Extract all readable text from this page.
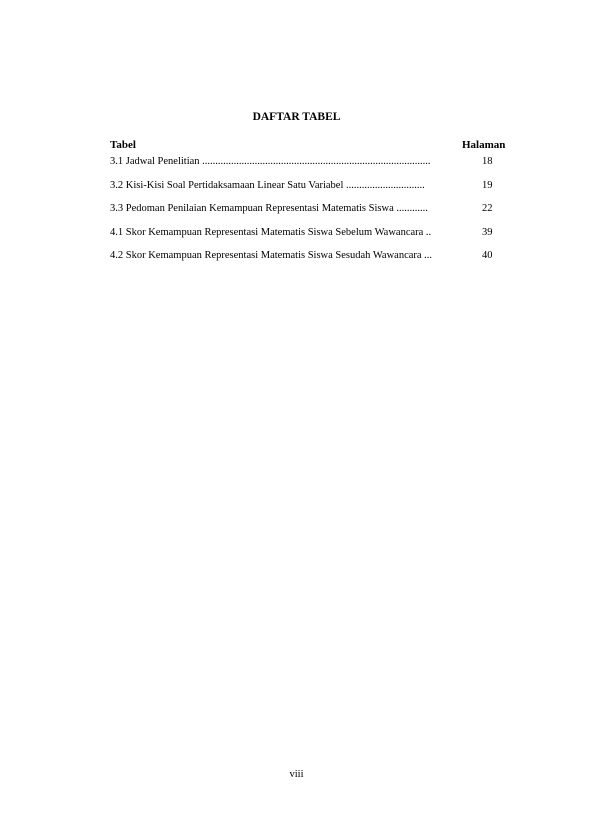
DAFTAR TABEL
Tabel	Halaman
3.1 Jadwal Penelitian .......................................................................................	18
3.2 Kisi-Kisi Soal Pertidaksamaan Linear Satu Variabel ..............................	19
3.3 Pedoman Penilaian Kemampuan Representasi Matematis Siswa ............	22
4.1 Skor Kemampuan Representasi Matematis Siswa Sebelum Wawancara ..	39
4.2 Skor Kemampuan Representasi Matematis Siswa Sesudah Wawancara ...	40
viii
